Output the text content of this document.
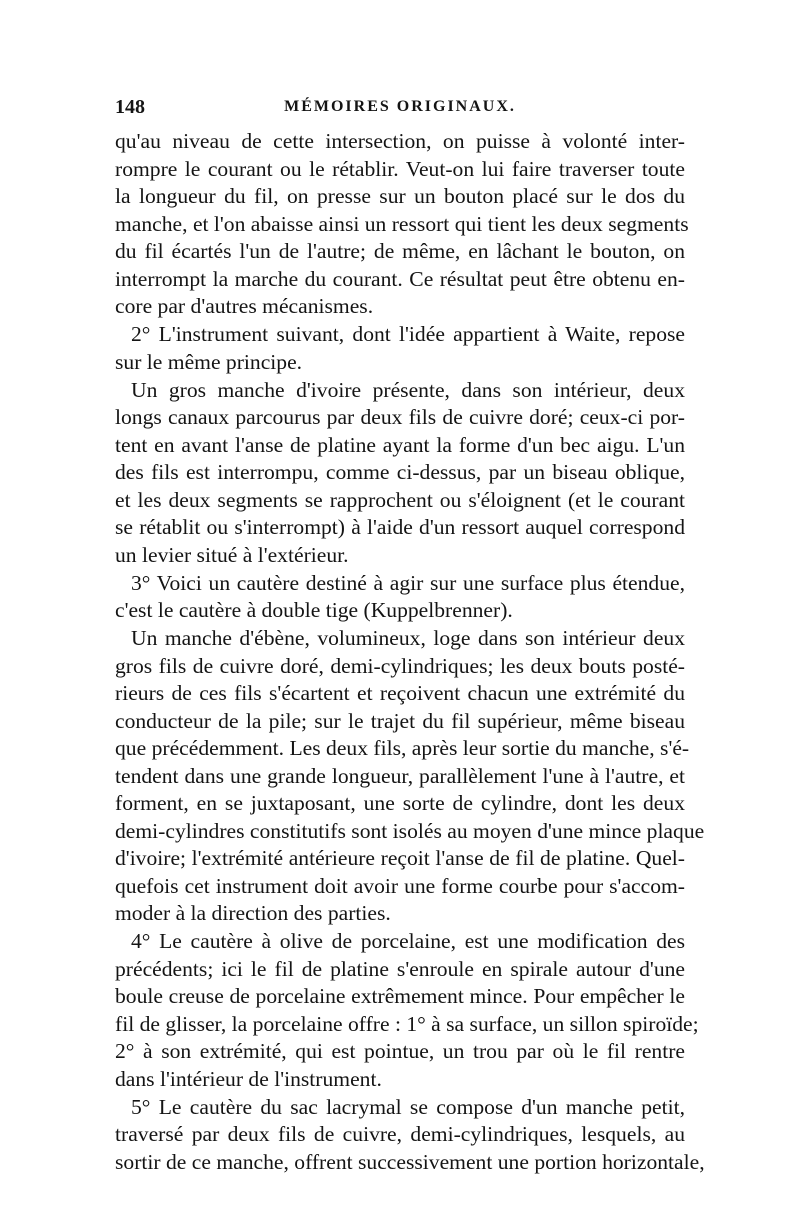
148	MÉMOIRES ORIGINAUX.
qu'au niveau de cette intersection, on puisse à volonté inter-
rompre le courant ou le rétablir. Veut-on lui faire traverser toute
la longueur du fil, on presse sur un bouton placé sur le dos du
manche, et l'on abaisse ainsi un ressort qui tient les deux segments
du fil écartés l'un de l'autre; de même, en lâchant le bouton, on
interrompt la marche du courant. Ce résultat peut être obtenu en-
core par d'autres mécanismes.
2° L'instrument suivant, dont l'idée appartient à Waite, repose
sur le même principe.
Un gros manche d'ivoire présente, dans son intérieur, deux
longs canaux parcourus par deux fils de cuivre doré; ceux-ci por-
tent en avant l'anse de platine ayant la forme d'un bec aigu. L'un
des fils est interrompu, comme ci-dessus, par un biseau oblique,
et les deux segments se rapprochent ou s'éloignent (et le courant
se rétablit ou s'interrompt) à l'aide d'un ressort auquel correspond
un levier situé à l'extérieur.
3° Voici un cautère destiné à agir sur une surface plus étendue,
c'est le cautère à double tige (Kuppelbrenner).
Un manche d'ébène, volumineux, loge dans son intérieur deux
gros fils de cuivre doré, demi-cylindriques; les deux bouts posté-
rieurs de ces fils s'écartent et reçoivent chacun une extrémité du
conducteur de la pile; sur le trajet du fil supérieur, même biseau
que précédemment. Les deux fils, après leur sortie du manche, s'é-
tendent dans une grande longueur, parallèlement l'une à l'autre, et
forment, en se juxtaposant, une sorte de cylindre, dont les deux
demi-cylindres constitutifs sont isolés au moyen d'une mince plaque
d'ivoire; l'extrémité antérieure reçoit l'anse de fil de platine. Quel-
quefois cet instrument doit avoir une forme courbe pour s'accom-
moder à la direction des parties.
4° Le cautère à olive de porcelaine, est une modification des
précédents; ici le fil de platine s'enroule en spirale autour d'une
boule creuse de porcelaine extrêmement mince. Pour empêcher le
fil de glisser, la porcelaine offre : 1° à sa surface, un sillon spiroïde;
2° à son extrémité, qui est pointue, un trou par où le fil rentre
dans l'intérieur de l'instrument.
5° Le cautère du sac lacrymal se compose d'un manche petit,
traversé par deux fils de cuivre, demi-cylindriques, lesquels, au
sortir de ce manche, offrent successivement une portion horizontale,
